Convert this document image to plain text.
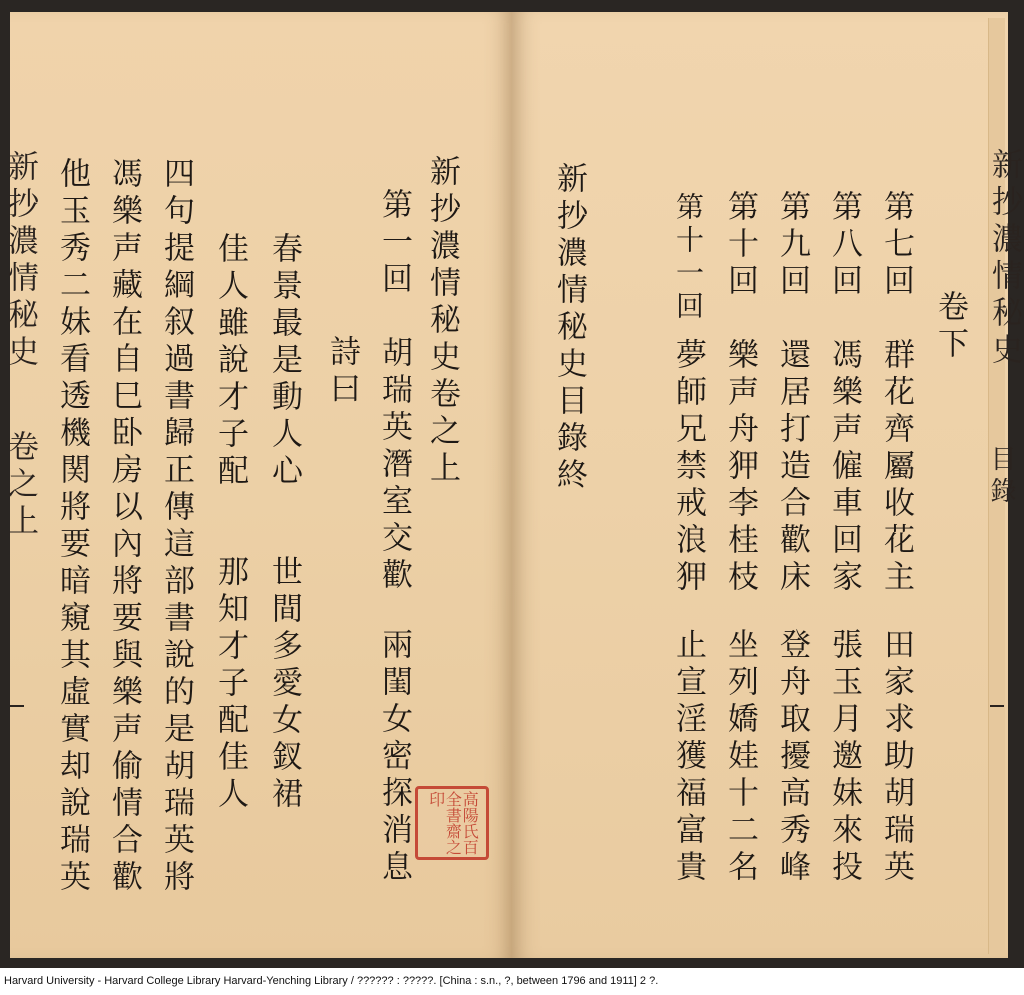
新抄濃情秘史
卷之上	新抄濃情秘史卷之上
第一回
胡瑞英潛室交歡
兩閨女密探消息
詩曰
春景最是動人心
世間多愛女釵裙
佳人雖說才子配
那知才子配佳人
四句提綱叙過書歸正傳這部書說的是胡瑞英將
馮樂声藏在自巳卧房以內將要與樂声偷情合歡
他玉秀二妹看透機関將要暗窺其虛實却說瑞英	高陽氏百全書齋之印
新抄濃情秘史
目錄
卷下
第七回
群花齊屬收花主
田家求助胡瑞英
第八回
馮樂声僱車回家
張玉月邀妹來投
第九回
還居打造合歡床
登舟取擾高秀峰
第十回
樂声舟狎李桂枝
坐列嬌娃十二名
第十一回
夢師兄禁戒浪狎
止宣淫獲福富貴
新抄濃情秘史目錄終
Harvard University - Harvard College Library Harvard-Yenching Library / ?????? : ?????. [China : s.n., ?, between 1796 and 1911] 2 ?.
